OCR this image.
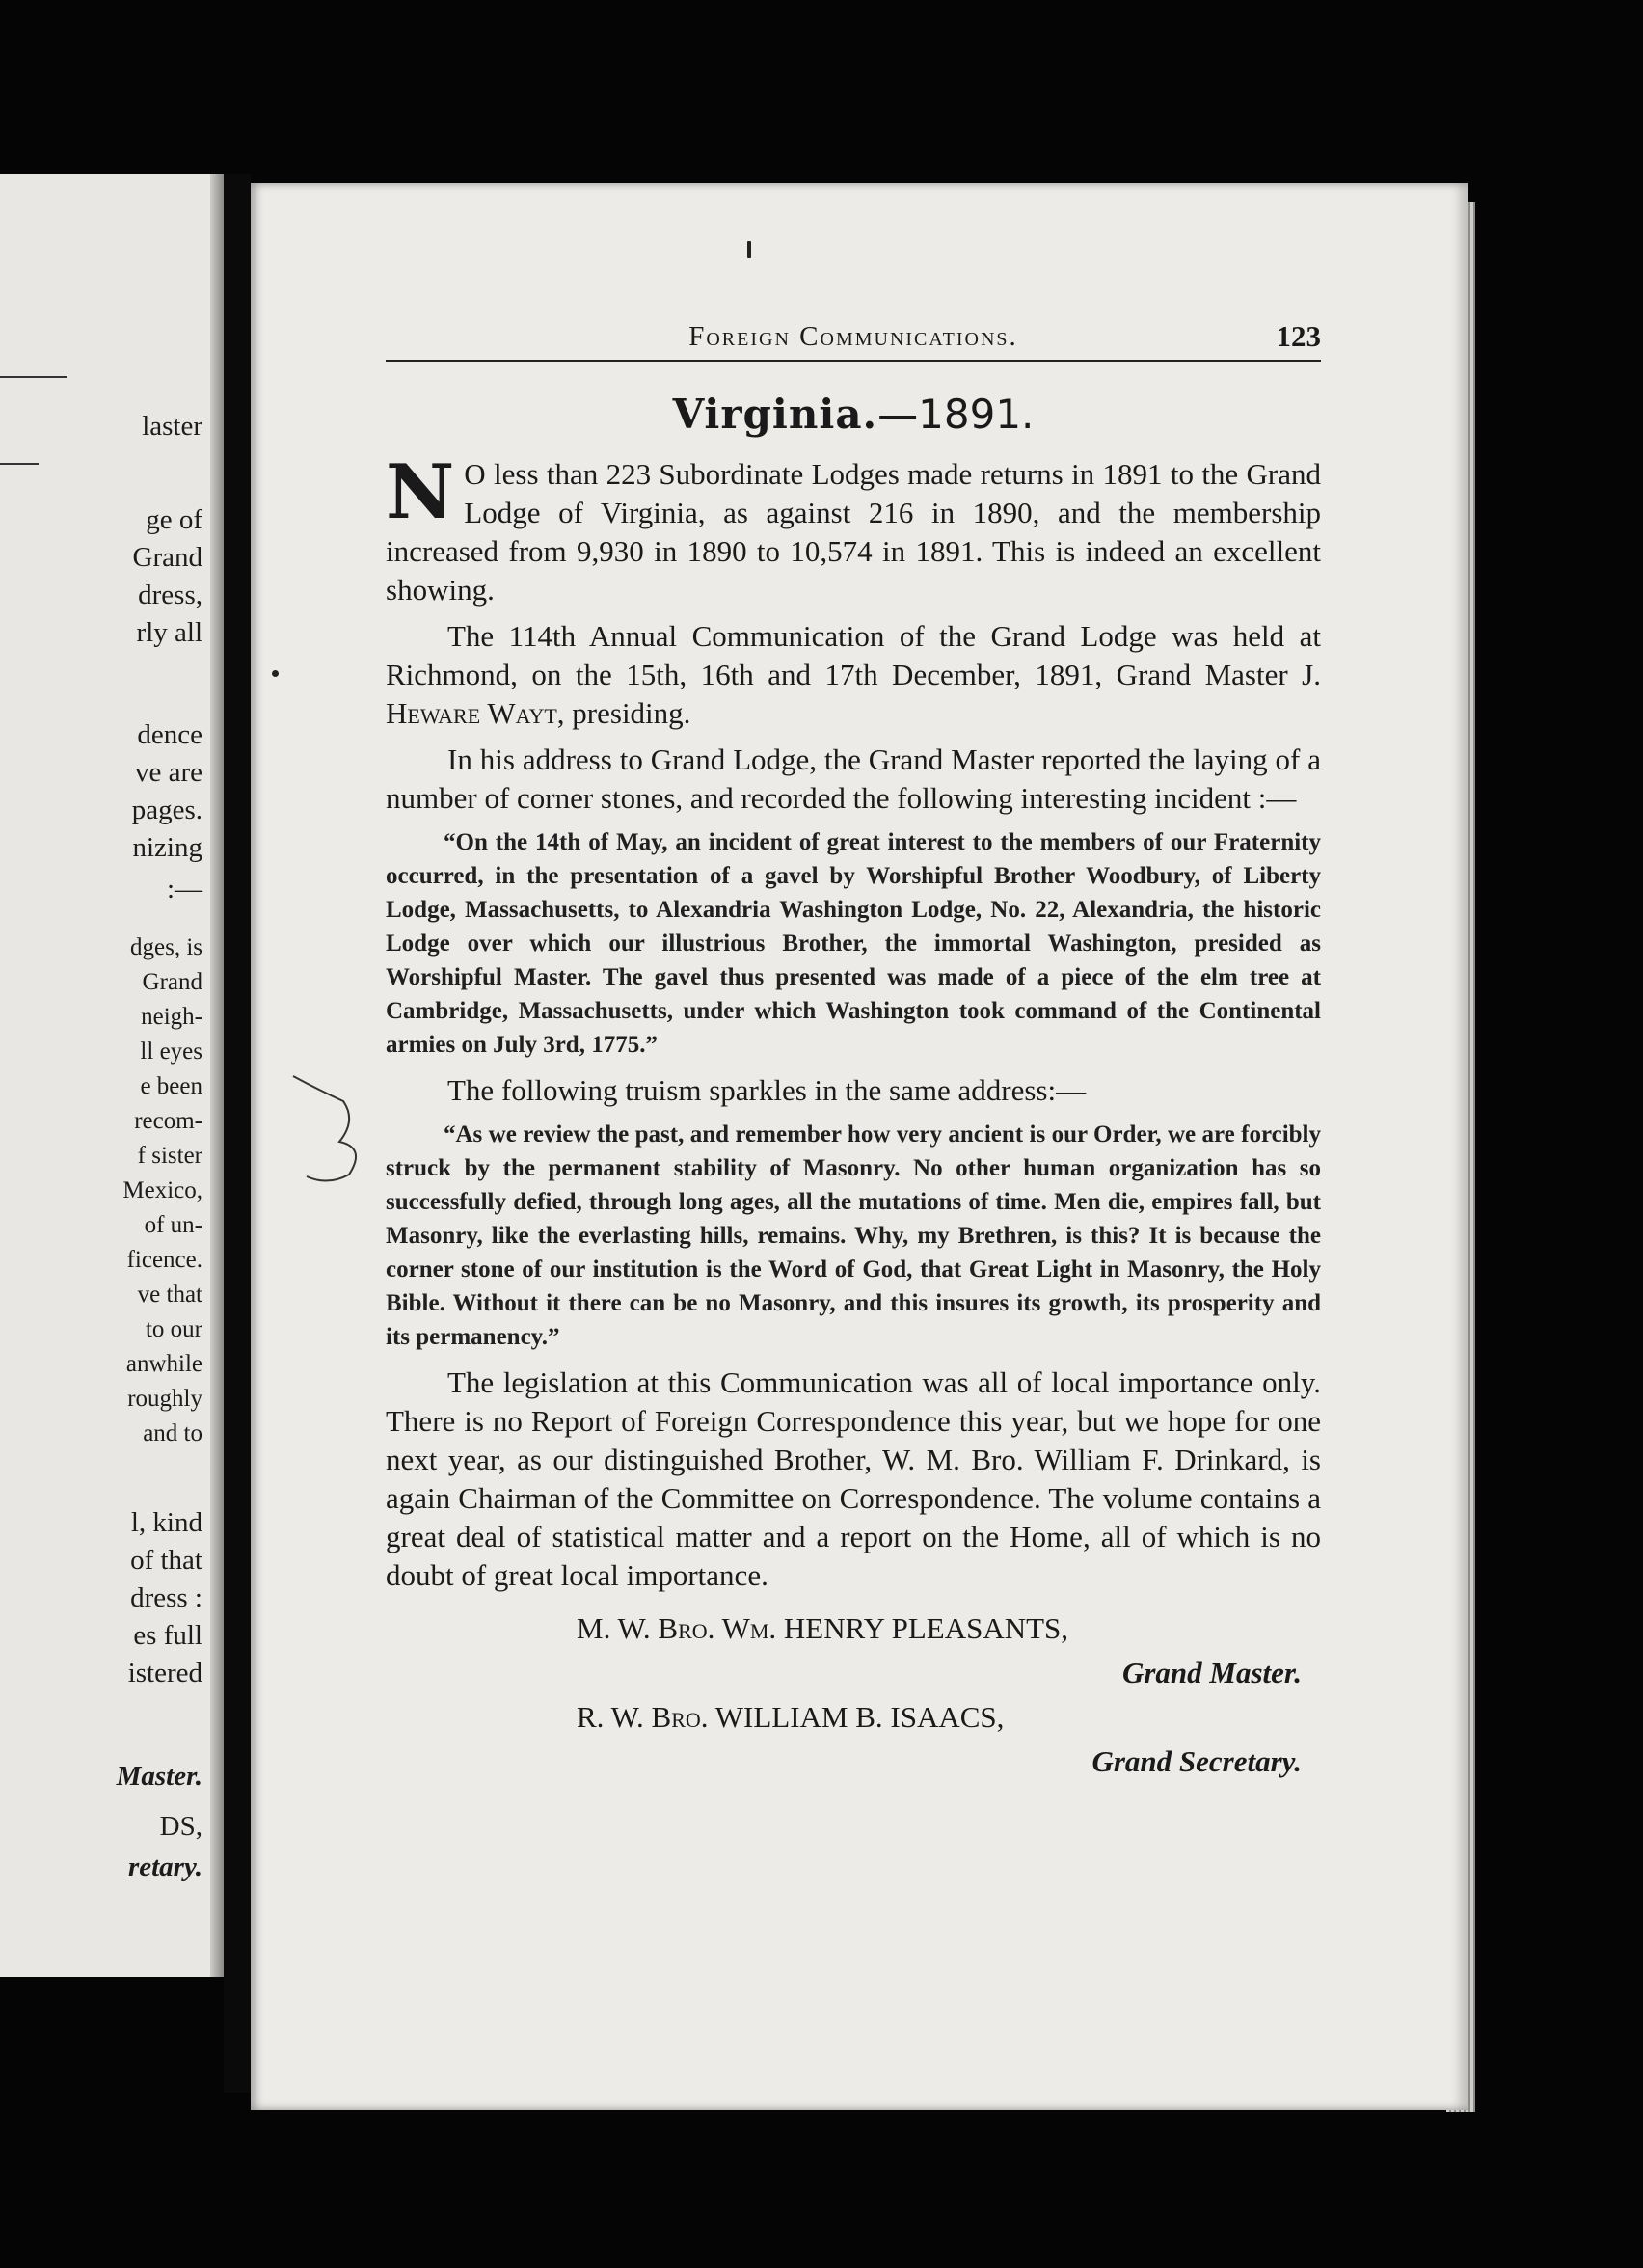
laster
ge of
Grand
dress,
rly all
dence
ve are
pages.
nizing
:—
dges, is
Grand
neigh-
ll eyes
e been
recom-
f sister
Mexico,
of un-
ficence.
ve that
to our
anwhile
roughly
and to
l, kind
of that
dress :
es full
istered
Master.
DS,
retary.
Foreign Communications.	123
Virginia.—1891.

N O less than 223 Subordinate Lodges made returns in 1891 to the Grand Lodge of Virginia, as against 216 in 1890, and the membership increased from 9,930 in 1890 to 10,574 in 1891. This is indeed an excellent showing.

The 114th Annual Communication of the Grand Lodge was held at Richmond, on the 15th, 16th and 17th December, 1891, Grand Master J. Heware Wayt, presiding.

In his address to Grand Lodge, the Grand Master reported the laying of a number of corner stones, and recorded the following interesting incident :—

“On the 14th of May, an incident of great interest to the members of our Fraternity occurred, in the presentation of a gavel by Worshipful Brother Woodbury, of Liberty Lodge, Massachusetts, to Alexandria Washington Lodge, No. 22, Alexandria, the historic Lodge over which our illustrious Brother, the immortal Washington, presided as Worshipful Master. The gavel thus presented was made of a piece of the elm tree at Cambridge, Massachusetts, under which Washington took command of the Continental armies on July 3rd, 1775.”

The following truism sparkles in the same address:—

“As we review the past, and remember how very ancient is our Order, we are forcibly struck by the permanent stability of Masonry. No other human organization has so successfully defied, through long ages, all the mutations of time. Men die, empires fall, but Masonry, like the everlasting hills, remains. Why, my Brethren, is this? It is because the corner stone of our institution is the Word of God, that Great Light in Masonry, the Holy Bible. Without it there can be no Masonry, and this insures its growth, its prosperity and its permanency.”

The legislation at this Communication was all of local importance only. There is no Report of Foreign Correspondence this year, but we hope for one next year, as our distinguished Brother, W. M. Bro. William F. Drinkard, is again Chairman of the Committee on Correspondence. The volume contains a great deal of statistical matter and a report on the Home, all of which is no doubt of great local importance.

M. W. Bro. Wm. HENRY PLEASANTS,
Grand Master.
R. W. Bro. WILLIAM B. ISAACS,
Grand Secretary.
